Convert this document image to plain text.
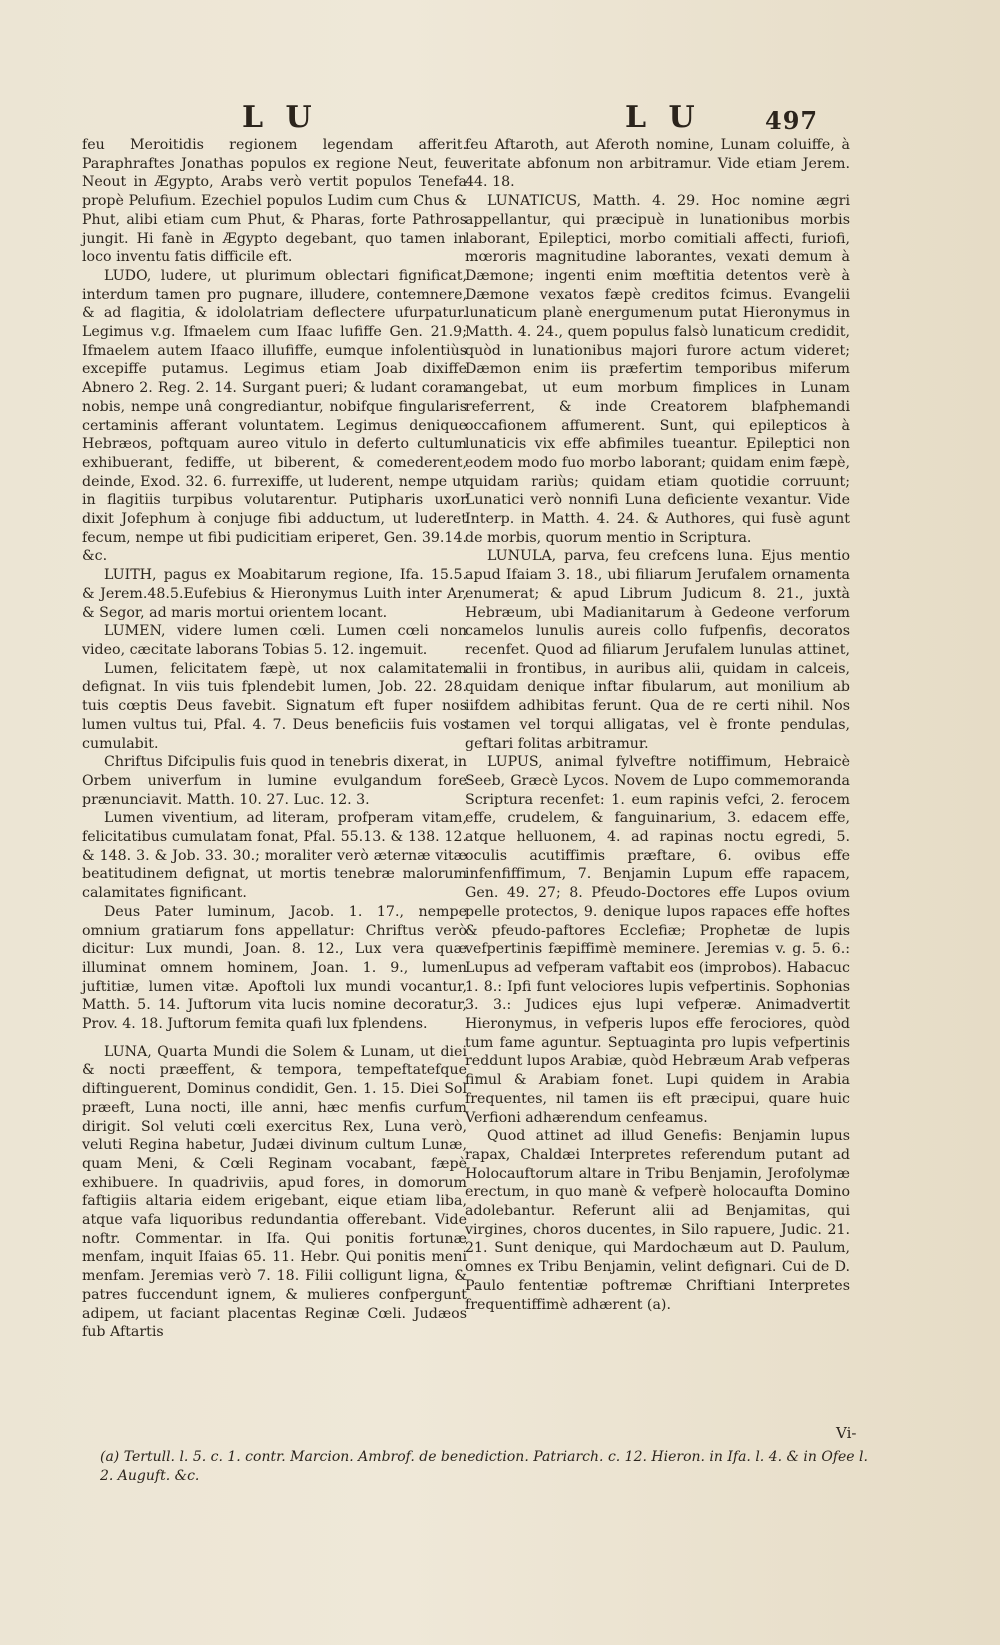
L U	L U	497

feu Meroitidis regionem legendam afferit. Paraphraftes Jonathas populos ex regione Neut, feu Neout in Ægypto, Arabs verò vertit populos Tenefa propè Pelufium. Ezechiel populos Ludim cum Chus & Phut, alibi etiam cum Phut, & Pharas, forte Pathros jungit. Hi fanè in Ægypto degebant, quo tamen in loco inventu fatis difficile eft.

LUDO, ludere, ut plurimum oblectari fignificat, interdum tamen pro pugnare, illudere, contemnere, & ad flagitia, & idololatriam deflectere ufurpatur. Legimus v.g. Ifmaelem cum Ifaac lufiffe Gen. 21.9; Ifmaelem autem Ifaaco illufiffe, eumque infolentiùs excepiffe putamus. Legimus etiam Joab dixiffe Abnero 2. Reg. 2. 14. Surgant pueri; & ludant coram nobis, nempe unâ congrediantur, nobifque fingularis certaminis afferant voluntatem. Legimus denique Hebræos, poftquam aureo vitulo in deferto cultum exhibuerant, fediffe, ut biberent, & comederent, deinde, Exod. 32. 6. furrexiffe, ut luderent, nempe ut in flagitiis turpibus volutarentur. Putipharis uxor dixit Jofephum à conjuge fibi adductum, ut luderet fecum, nempe ut fibi pudicitiam eriperet, Gen. 39.14. &c.

LUITH, pagus ex Moabitarum regione, Ifa. 15.5. & Jerem.48.5.Eufebius & Hieronymus Luith inter Ar, & Segor, ad maris mortui orientem locant.

LUMEN, videre lumen cœli. Lumen cœli non video, cæcitate laborans Tobias 5. 12. ingemuit.

Lumen, felicitatem fæpè, ut nox calamitatem defignat. In viis tuis fplendebit lumen, Job. 22. 28. tuis cœptis Deus favebit. Signatum eft fuper nos lumen vultus tui, Pfal. 4. 7. Deus beneficiis fuis vos cumulabit.

Chriftus Difcipulis fuis quod in tenebris dixerat, in Orbem univerfum in lumine evulgandum fore prænunciavit. Matth. 10. 27. Luc. 12. 3.

Lumen viventium, ad literam, profperam vitam, felicitatibus cumulatam fonat, Pfal. 55.13. & 138. 12. & 148. 3. & Job. 33. 30.; moraliter verò æternæ vitæ beatitudinem defignat, ut mortis tenebræ malorum calamitates fignificant.

Deus Pater luminum, Jacob. 1. 17., nempe omnium gratiarum fons appellatur: Chriftus verò dicitur: Lux mundi, Joan. 8. 12., Lux vera quæ illuminat omnem hominem, Joan. 1. 9., lumen juftitiæ, lumen vitæ. Apoftoli lux mundi vocantur, Matth. 5. 14. Juftorum vita lucis nomine decoratur, Prov. 4. 18. Juftorum femita quafi lux fplendens.

LUNA, Quarta Mundi die Solem & Lunam, ut diei & nocti præeffent, & tempora, tempeftatefque diftinguerent, Dominus condidit, Gen. 1. 15. Diei Sol præeft, Luna nocti, ille anni, hæc menfis curfum dirigit. Sol veluti cœli exercitus Rex, Luna verò, veluti Regina habetur, Judæi divinum cultum Lunæ, quam Meni, & Cœli Reginam vocabant, fæpè exhibuere. In quadriviis, apud fores, in domorum faftigiis altaria eidem erigebant, eique etiam liba, atque vafa liquoribus redundantia offerebant. Vide noftr. Commentar. in Ifa. Qui ponitis fortunæ menfam, inquit Ifaias 65. 11. Hebr. Qui ponitis meni menfam. Jeremias verò 7. 18. Filii colligunt ligna, & patres fuccendunt ignem, & mulieres confpergunt adipem, ut faciant placentas Reginæ Cœli. Judæos fub Aftartis

feu Aftaroth, aut Aferoth nomine, Lunam coluiffe, à veritate abfonum non arbitramur. Vide etiam Jerem. 44. 18.

LUNATICUS, Matth. 4. 29. Hoc nomine ægri appellantur, qui præcipuè in lunationibus morbis laborant, Epileptici, morbo comitiali affecti, furiofi, mœroris magnitudine laborantes, vexati demum à Dæmone; ingenti enim mœftitia detentos verè à Dæmone vexatos fæpè creditos fcimus. Evangelii lunaticum planè energumenum putat Hieronymus in Matth. 4. 24., quem populus falsò lunaticum credidit, quòd in lunationibus majori furore actum videret; Dæmon enim iis præfertim temporibus miferum angebat, ut eum morbum fimplices in Lunam referrent, & inde Creatorem blafphemandi occafionem affumerent. Sunt, qui epilepticos à lunaticis vix effe abfimiles tueantur. Epileptici non eodem modo fuo morbo laborant; quidam enim fæpè, quidam rariùs; quidam etiam quotidie corruunt; Lunatici verò nonnifi Luna deficiente vexantur. Vide Interp. in Matth. 4. 24. & Authores, qui fusè agunt de morbis, quorum mentio in Scriptura.

LUNULA, parva, feu crefcens luna. Ejus mentio apud Ifaiam 3. 18., ubi filiarum Jerufalem ornamenta enumerat; & apud Librum Judicum 8. 21., juxtà Hebræum, ubi Madianitarum à Gedeone verforum camelos lunulis aureis collo fufpenfis, decoratos recenfet. Quod ad filiarum Jerufalem lunulas attinet, alii in frontibus, in auribus alii, quidam in calceis, quidam denique inftar fibularum, aut monilium ab iifdem adhibitas ferunt. Qua de re certi nihil. Nos tamen vel torqui alligatas, vel è fronte pendulas, geftari folitas arbitramur.

LUPUS, animal fylveftre notiffimum, Hebraicè Seeb, Græcè Lycos. Novem de Lupo commemoranda Scriptura recenfet: 1. eum rapinis vefci, 2. ferocem effe, crudelem, & fanguinarium, 3. edacem effe, atque helluonem, 4. ad rapinas noctu egredi, 5. oculis acutiffimis præftare, 6. ovibus effe infenfiffimum, 7. Benjamin Lupum effe rapacem, Gen. 49. 27; 8. Pfeudo-Doctores effe Lupos ovium pelle protectos, 9. denique lupos rapaces effe hoftes & pfeudo-paftores Ecclefiæ; Prophetæ de lupis vefpertinis fæpiffimè meminere. Jeremias v. g. 5. 6.: Lupus ad vefperam vaftabit eos (improbos). Habacuc 1. 8.: Ipfi funt velociores lupis vefpertinis. Sophonias 3. 3.: Judices ejus lupi vefperæ. Animadvertit Hieronymus, in vefperis lupos effe ferociores, quòd tum fame aguntur. Septuaginta pro lupis vefpertinis reddunt lupos Arabiæ, quòd Hebræum Arab vefperas fimul & Arabiam fonet. Lupi quidem in Arabia frequentes, nil tamen iis eft præcipui, quare huic Verfioni adhærendum cenfeamus.

Quod attinet ad illud Genefis: Benjamin lupus rapax, Chaldæi Interpretes referendum putant ad Holocauftorum altare in Tribu Benjamin, Jerofolymæ erectum, in quo manè & vefperè holocaufta Domino adolebantur. Referunt alii ad Benjamitas, qui virgines, choros ducentes, in Silo rapuere, Judic. 21. 21. Sunt denique, qui Mardochæum aut D. Paulum, omnes ex Tribu Benjamin, velint defignari. Cui de D. Paulo fententiæ poftremæ Chriftiani Interpretes frequentiffimè adhærent (a).

Vi-
(a) Tertull. l. 5. c. 1. contr. Marcion. Ambrof. de benediction. Patriarch. c. 12. Hieron. in Ifa. l. 4. & in Ofee l. 2. Auguft. &c.
